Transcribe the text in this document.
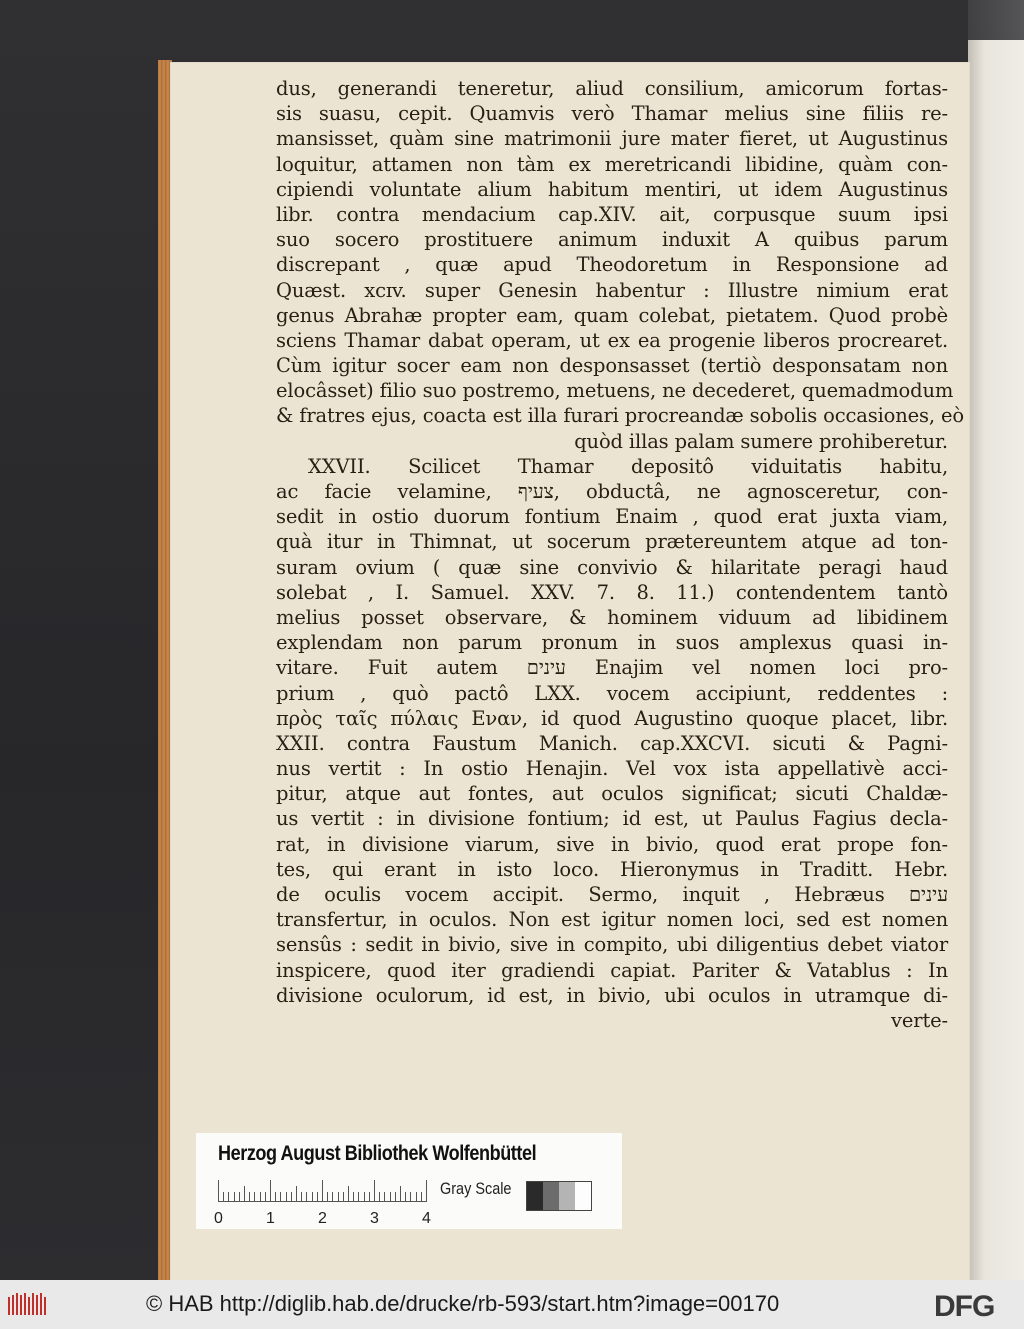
dus, generandi teneretur, aliud consilium, amicorum fortas-
sis suasu, cepit. Quamvis verò Thamar melius sine filiis re-
mansisset, quàm sine matrimonii jure mater fieret, ut Augustinus
loquitur, attamen non tàm ex meretricandi libidine, quàm con-
cipiendi voluntate alium habitum mentiri, ut idem Augustinus
libr. contra mendacium cap.XIV. ait, corpusque suum ipsi
suo socero prostituere animum induxit A quibus parum
discrepant , quæ apud Theodoretum in Responsione ad
Quæst. xcɪv. super Genesin habentur : Illustre nimium erat
genus Abrahæ propter eam, quam colebat, pietatem. Quod probè
sciens Thamar dabat operam, ut ex ea progenie liberos procrearet.
Cùm igitur socer eam non desponsasset (tertiò desponsatam non
elocâsset) filio suo postremo, metuens, ne decederet, quemadmodum
& fratres ejus, coacta est illa furari procreandæ sobolis occasiones, eò
quòd illas palam sumere prohiberetur.
XXVII. Scilicet Thamar depositô viduitatis habitu,
ac facie velamine, צעיף, obductâ, ne agnosceretur, con-
sedit in ostio duorum fontium Enaim , quod erat juxta viam,
quà itur in Thimnat, ut socerum prætereuntem atque ad ton-
suram ovium ( quæ sine convivio & hilaritate peragi haud
solebat , I. Samuel. XXV. 7. 8. 11.) contendentem tantò
melius posset observare, & hominem viduum ad libidinem
explendam non parum pronum in suos amplexus quasi in-
vitare. Fuit autem עינים Enajim vel nomen loci pro-
prium , quò pactô LXX. vocem accipiunt, reddentes :
πρὸς ταῖς πύλαις Εναν, id quod Augustino quoque placet, libr.
XXII. contra Faustum Manich. cap.XXCVI. sicuti & Pagni-
nus vertit : In ostio Henajin. Vel vox ista appellativè acci-
pitur, atque aut fontes, aut oculos significat; sicuti Chaldæ-
us vertit : in divisione fontium; id est, ut Paulus Fagius decla-
rat, in divisione viarum, sive in bivio, quod erat prope fon-
tes, qui erant in isto loco. Hieronymus in Traditt. Hebr.
de oculis vocem accipit. Sermo, inquit , Hebræus עינים
transfertur, in oculos. Non est igitur nomen loci, sed est nomen
sensûs : sedit in bivio, sive in compito, ubi diligentius debet viator
inspicere, quod iter gradiendi capiat. Pariter & Vatablus : In
divisione oculorum, id est, in bivio, ubi oculos in utramque di-
verte-
Herzog August Bibliothek Wolfenbüttel
0	1	2	3	4
Gray Scale
© HAB http://diglib.hab.de/drucke/rb-593/start.htm?image=00170	DFG
